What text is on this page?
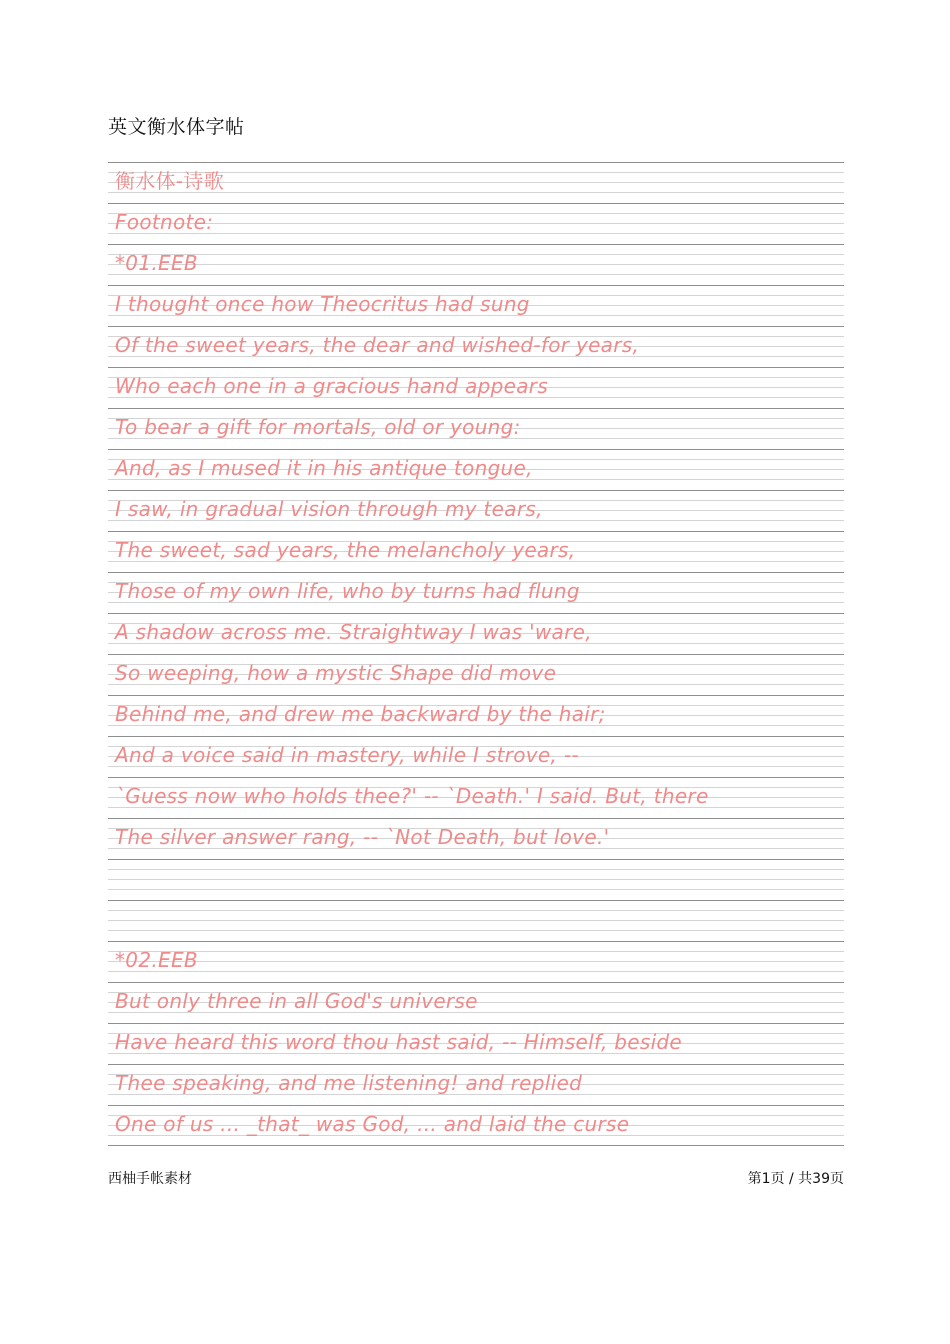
英文衡水体字帖
衡水体-诗歌
Footnote:
*01.EEB
I thought once how Theocritus had sung
Of the sweet years, the dear and wished-for years,
Who each one in a gracious hand appears
To bear a gift for mortals, old or young:
And, as I mused it in his antique tongue,
I saw, in gradual vision through my tears,
The sweet, sad years, the melancholy years,
Those of my own life, who by turns had flung
A shadow across me. Straightway I was 'ware,
So weeping, how a mystic Shape did move
Behind me, and drew me backward by the hair;
And a voice said in mastery, while I strove, --
`Guess now who holds thee?' -- `Death.' I said. But, there
The silver answer rang, -- `Not Death, but love.'
*02.EEB
But only three in all God's universe
Have heard this word thou hast said, -- Himself, beside
Thee speaking, and me listening! and replied
One of us ... _that_ was God, ... and laid the curse
西柚手帐素材	第1页 / 共39页
